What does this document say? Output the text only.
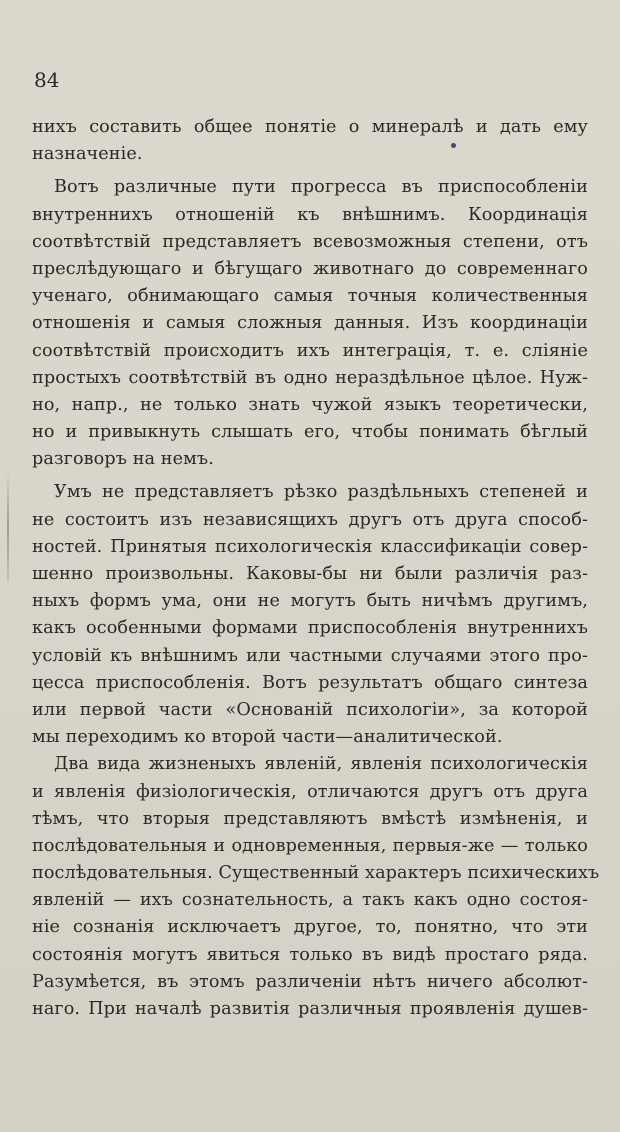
84
нихъ составить общее понятіе о минералѣ и дать ему
назначеніе.
Вотъ различные пути прогресса въ приспособленіи
внутреннихъ отношеній къ внѣшнимъ. Координація
соотвѣтствій представляетъ всевозможныя степени, отъ
преслѣдующаго и бѣгущаго животнаго до современнаго
ученаго, обнимающаго самыя точныя количественныя
отношенія и самыя сложныя данныя. Изъ координаціи
соотвѣтствій происходитъ ихъ интеграція, т. е. сліяніе
простыхъ соотвѣтствій въ одно нераздѣльное цѣлое. Нуж-
но, напр., не только знать чужой языкъ теоретически,
но и привыкнуть слышать его, чтобы понимать бѣглый
разговоръ на немъ.
Умъ не представляетъ рѣзко раздѣльныхъ степеней и
не состоитъ изъ независящихъ другъ отъ друга способ-
ностей. Принятыя психологическія классификаціи совер-
шенно произвольны. Каковы-бы ни были различія раз-
ныхъ формъ ума, они не могутъ быть ничѣмъ другимъ,
какъ особенными формами приспособленія внутреннихъ
условій къ внѣшнимъ или частными случаями этого про-
цесса приспособленія. Вотъ результатъ общаго синтеза
или первой части «Основаній психологіи», за которой
мы переходимъ ко второй части—аналитической.
Два вида жизненыхъ явленій, явленія психологическія
и явленія физіологическія, отличаются другъ отъ друга
тѣмъ, что вторыя представляютъ вмѣстѣ измѣненія, и
послѣдовательныя и одновременныя, первыя-же — только
послѣдовательныя. Существенный характеръ психическихъ
явленій — ихъ сознательность, а такъ какъ одно состоя-
ніе сознанія исключаетъ другое, то, понятно, что эти
состоянія могутъ явиться только въ видѣ простаго ряда.
Разумѣется, въ этомъ различеніи нѣтъ ничего абсолют-
наго. При началѣ развитія различныя проявленія душев-
